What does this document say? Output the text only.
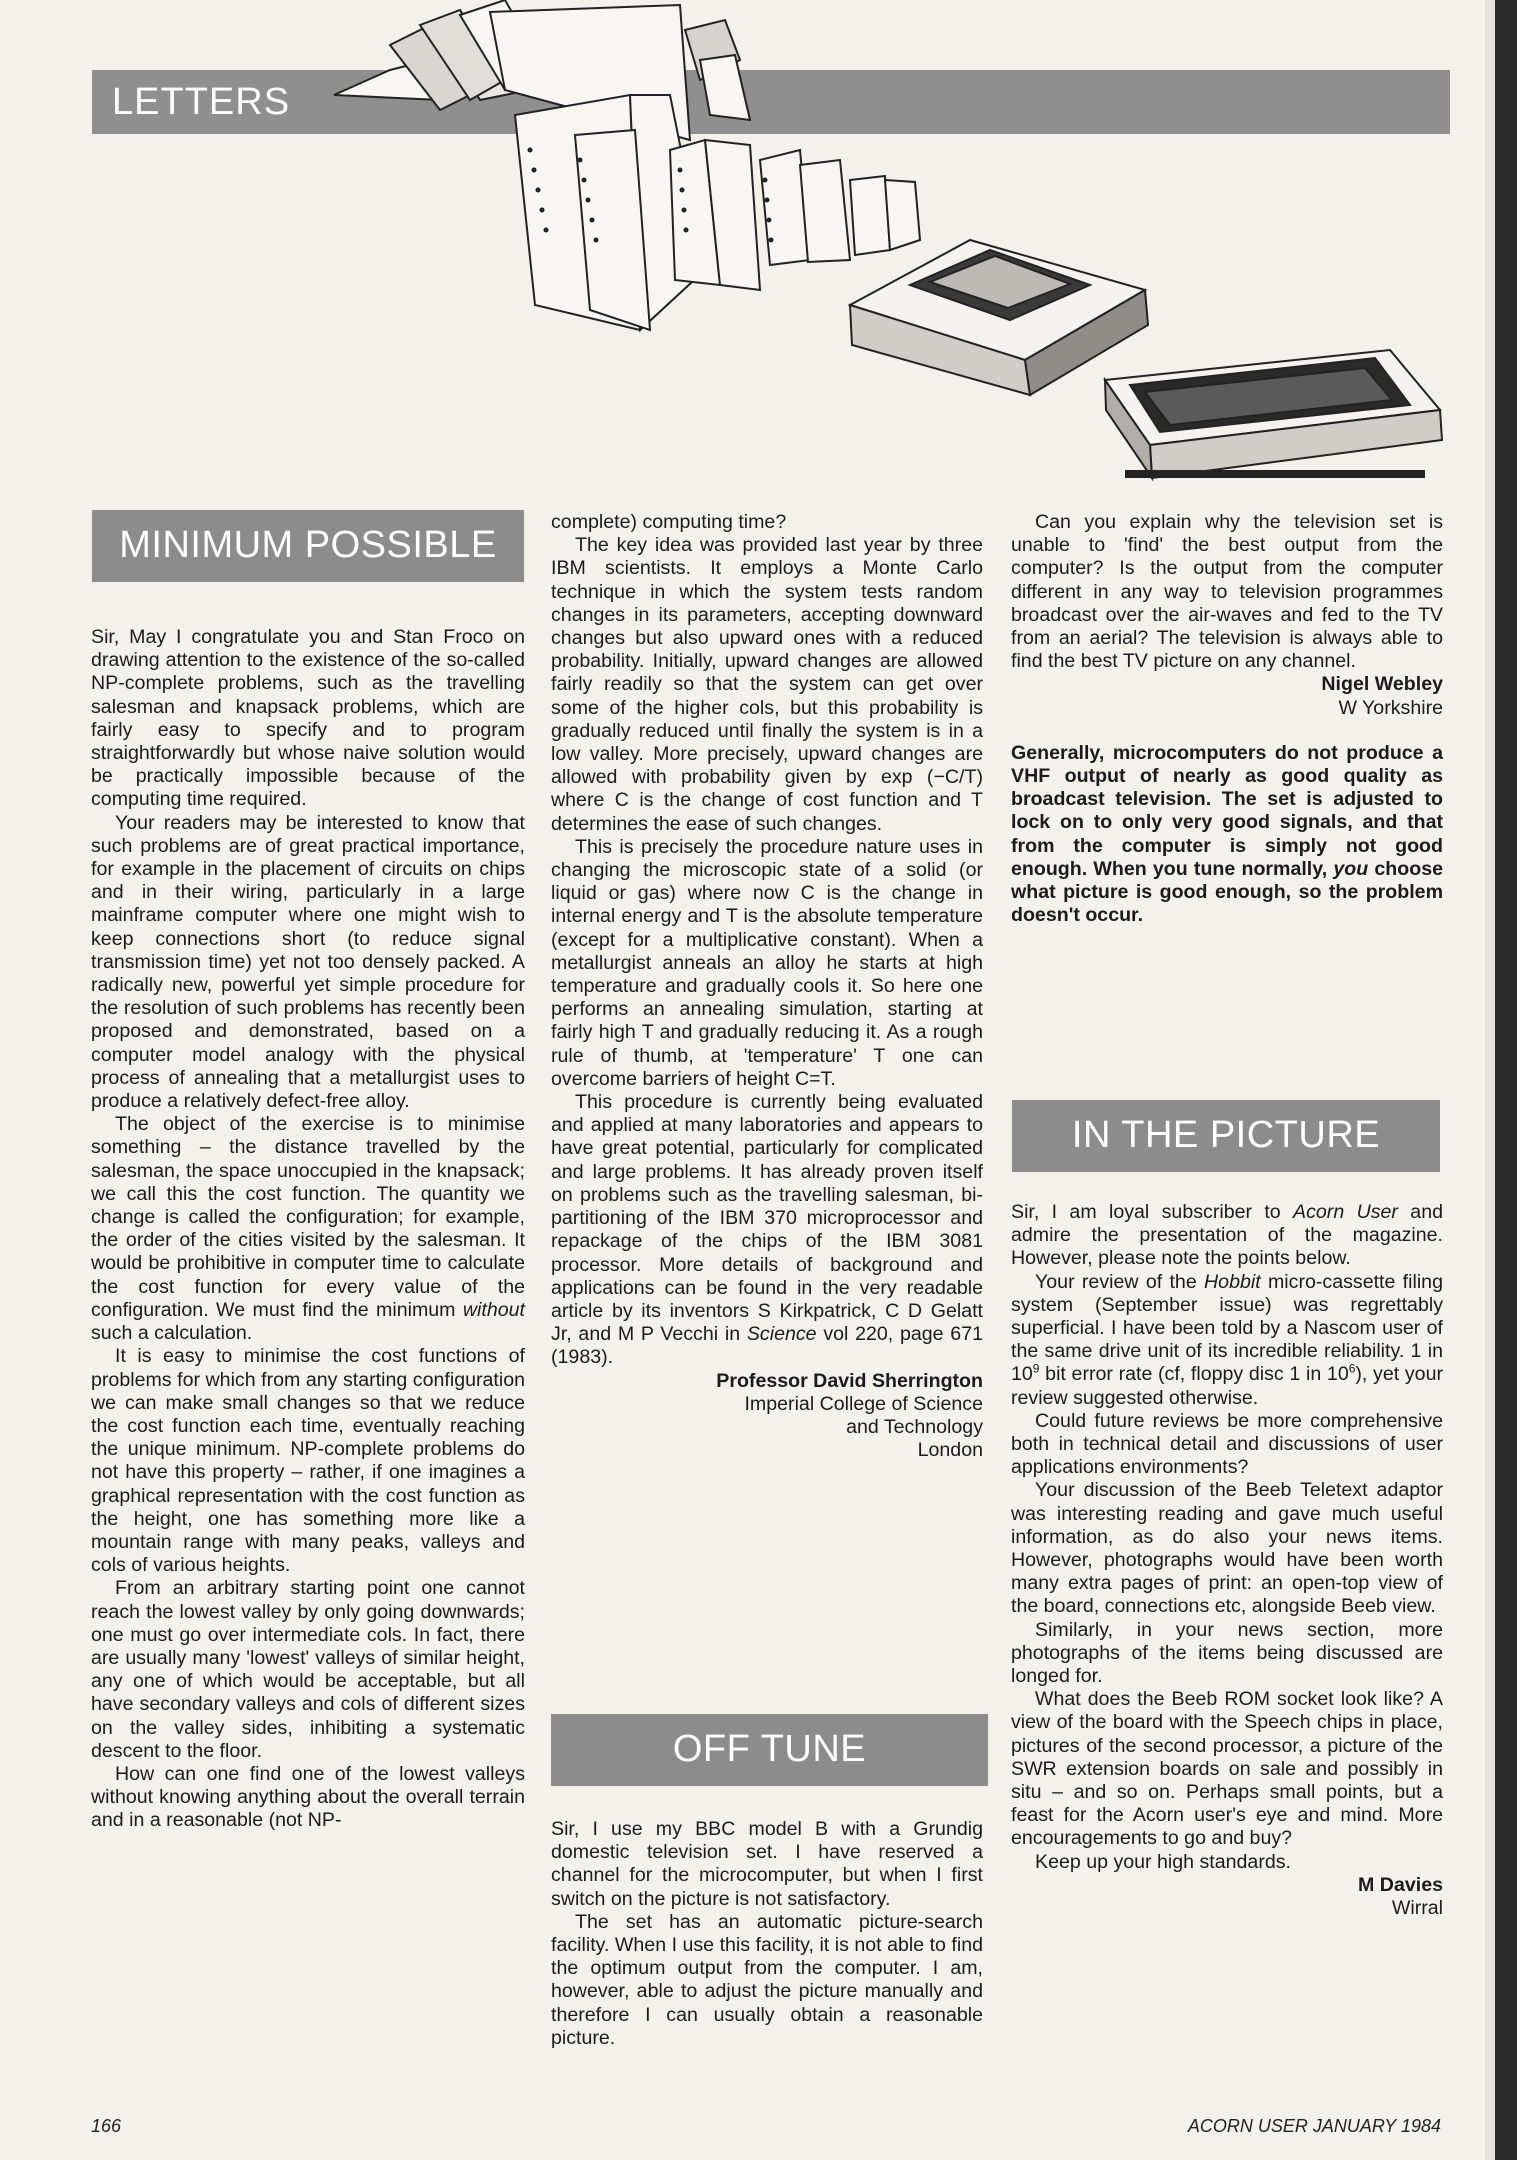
LETTERS
MINIMUM POSSIBLE
OFF TUNE
IN THE PICTURE

Sir, May I congratulate you and Stan Froco on drawing attention to the existence of the so-called NP-complete problems, such as the travelling salesman and knapsack problems, which are fairly easy to specify and to program straightforwardly but whose naive solution would be practically impossible because of the computing time required.

Your readers may be interested to know that such problems are of great practical importance, for example in the placement of circuits on chips and in their wiring, particularly in a large mainframe computer where one might wish to keep connections short (to reduce signal transmission time) yet not too densely packed. A radically new, powerful yet simple procedure for the resolution of such problems has recently been proposed and demonstrated, based on a computer model analogy with the physical process of annealing that a metallurgist uses to produce a relatively defect-free alloy.

The object of the exercise is to minimise something – the distance travelled by the salesman, the space unoccupied in the knapsack; we call this the cost function. The quantity we change is called the configuration; for example, the order of the cities visited by the salesman. It would be prohibitive in computer time to calculate the cost function for every value of the configuration. We must find the minimum without such a calculation.

It is easy to minimise the cost functions of problems for which from any starting configuration we can make small changes so that we reduce the cost function each time, eventually reaching the unique minimum. NP-complete problems do not have this property – rather, if one imagines a graphical representation with the cost function as the height, one has something more like a mountain range with many peaks, valleys and cols of various heights.

From an arbitrary starting point one cannot reach the lowest valley by only going downwards; one must go over intermediate cols. In fact, there are usually many 'lowest' valleys of similar height, any one of which would be acceptable, but all have secondary valleys and cols of different sizes on the valley sides, inhibiting a systematic descent to the floor.

How can one find one of the lowest valleys without knowing anything about the overall terrain and in a reasonable (not NP-

complete) computing time?

The key idea was provided last year by three IBM scientists. It employs a Monte Carlo technique in which the system tests random changes in its parameters, accepting downward changes but also upward ones with a reduced probability. Initially, upward changes are allowed fairly readily so that the system can get over some of the higher cols, but this probability is gradually reduced until finally the system is in a low valley. More precisely, upward changes are allowed with probability given by exp (−C/T) where C is the change of cost function and T determines the ease of such changes.

This is precisely the procedure nature uses in changing the microscopic state of a solid (or liquid or gas) where now C is the change in internal energy and T is the absolute temperature (except for a multiplicative constant). When a metallurgist anneals an alloy he starts at high temperature and gradually cools it. So here one performs an annealing simulation, starting at fairly high T and gradually reducing it. As a rough rule of thumb, at 'temperature' T one can overcome barriers of height C=T.

This procedure is currently being evaluated and applied at many laboratories and appears to have great potential, particularly for complicated and large problems. It has already proven itself on problems such as the travelling salesman, bi-partitioning of the IBM 370 microprocessor and repackage of the chips of the IBM 3081 processor. More details of background and applications can be found in the very readable article by its inventors S Kirkpatrick, C D Gelatt Jr, and M P Vecchi in Science vol 220, page 671 (1983).

Professor David Sherrington
Imperial College of Science
and Technology
London

Sir, I use my BBC model B with a Grundig domestic television set. I have reserved a channel for the microcomputer, but when I first switch on the picture is not satisfactory.

The set has an automatic picture-search facility. When I use this facility, it is not able to find the optimum output from the computer. I am, however, able to adjust the picture manually and therefore I can usually obtain a reasonable picture.

Can you explain why the television set is unable to 'find' the best output from the computer? Is the output from the computer different in any way to television programmes broadcast over the air-waves and fed to the TV from an aerial? The television is always able to find the best TV picture on any channel.

Nigel Webley
W Yorkshire

Generally, microcomputers do not produce a VHF output of nearly as good quality as broadcast television. The set is adjusted to lock on to only very good signals, and that from the computer is simply not good enough. When you tune normally, you choose what picture is good enough, so the problem doesn't occur.

Sir, I am loyal subscriber to Acorn User and admire the presentation of the magazine. However, please note the points below.

Your review of the Hobbit micro-cassette filing system (September issue) was regrettably superficial. I have been told by a Nascom user of the same drive unit of its incredible reliability. 1 in $10^9$ bit error rate (cf, floppy disc 1 in $10^6$), yet your review suggested otherwise.

Could future reviews be more comprehensive both in technical detail and discussions of user applications environments?

Your discussion of the Beeb Teletext adaptor was interesting reading and gave much useful information, as do also your news items. However, photographs would have been worth many extra pages of print: an open-top view of the board, connections etc, alongside Beeb view.

Similarly, in your news section, more photographs of the items being discussed are longed for.

What does the Beeb ROM socket look like? A view of the board with the Speech chips in place, pictures of the second processor, a picture of the SWR extension boards on sale and possibly in situ – and so on. Perhaps small points, but a feast for the Acorn user's eye and mind. More encouragements to go and buy?

Keep up your high standards.

M Davies
Wirral
166	ACORN USER JANUARY 1984
